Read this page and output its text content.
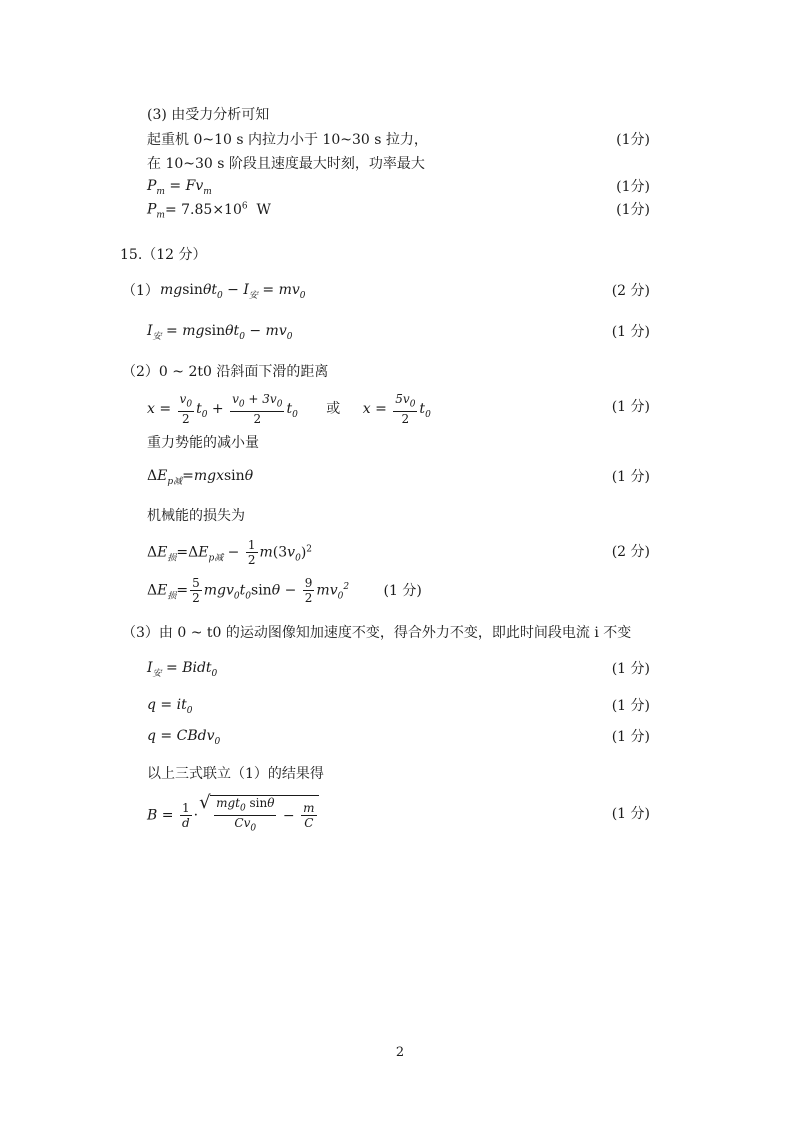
(3) 由受力分析可知
起重机 0~10 s 内拉力小于 10~30 s 拉力，	(1分)
在 10~30 s 阶段且速度最大时刻，功率最大
$P_m = Fv_m$	(1分)
$P_m= 7.85\times 10^6$  W	(1分)
15.（12 分）
（1） $mgsin\theta t_0 - I_安 = mv_0$	(2 分)
$I_安 = mgsin\theta t_0 - mv_0$	(1 分)
（2）0 ~ 2t0 沿斜面下滑的距离
$x = \frac{v_0}{2} t_0 + \frac{v_0 + 3v_0}{2} t_0$ 或 $x = \frac{5v_0}{2} t_0$	(1 分)
重力势能的减小量
$\Delta E_{p减}=mgxsin\theta$	(1 分)
机械能的损失为
$\Delta E_损=\Delta E_{p减} - \frac{1}{2} m(3v_0)^2$	(2 分)
$\Delta E_损= \frac{5}{2} mgv_0t_0\sin\theta - \frac{9}{2} mv_0^2$ (1 分)
（3）由 0 ~ t0 的运动图像知加速度不变，得合外力不变，即此时间段电流 i 不变
$I_安$ = Bidt$_0$	(1 分)
$q = it_0$	(1 分)
q = CBdv$_0$	(1 分)
以上三式联立（1）的结果得
$B = \frac{1}{d}$ ·
√ $\frac{mgt_0 \sin\theta}{Cv_0} - \frac{m}{C}$	(1 分)
2
